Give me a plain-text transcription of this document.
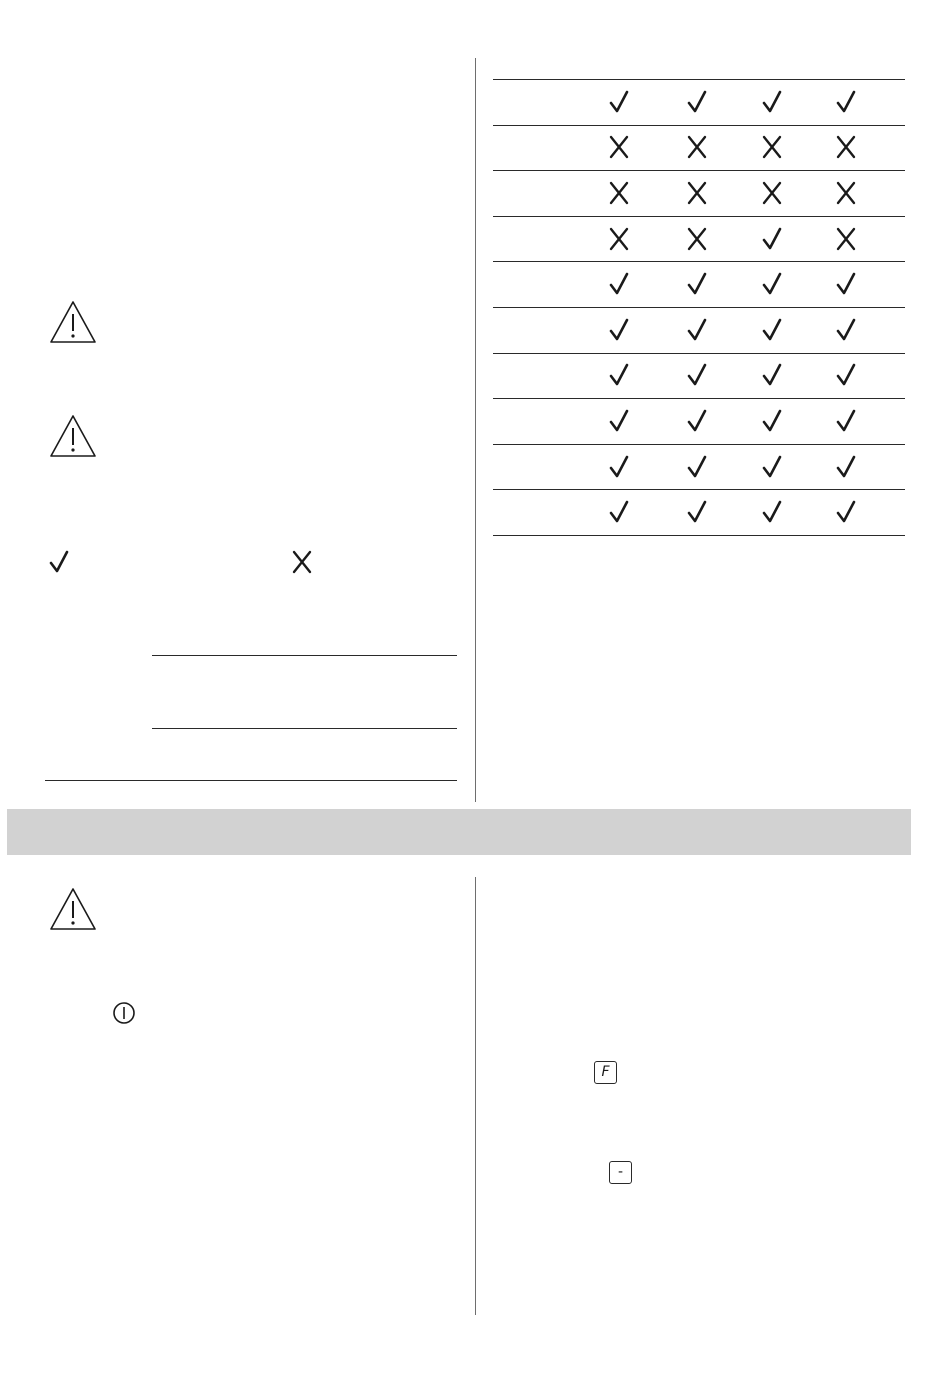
F
-
